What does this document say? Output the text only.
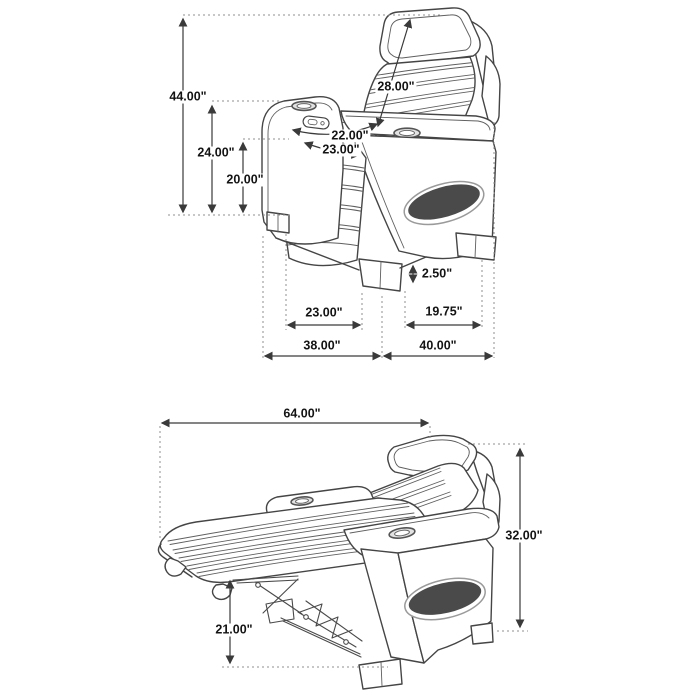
44.00"
24.00"
20.00"
28.00"
22.00"
23.00"
2.50"
23.00"	19.75"
38.00"	40.00"
64.00"
32.00"
21.00"
